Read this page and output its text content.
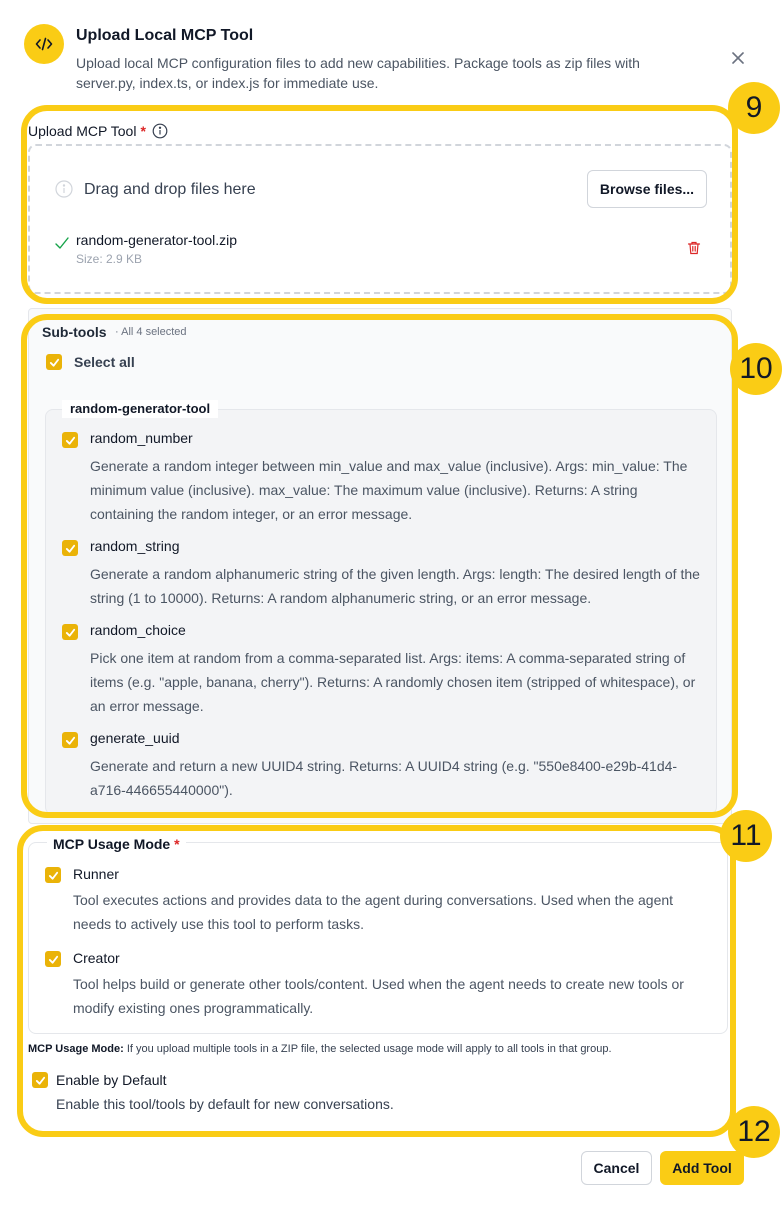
Upload Local MCP Tool
Upload local MCP configuration files to add new capabilities. Package tools as zip files with server.py, index.ts, or index.js for immediate use.
Upload MCP Tool *
Drag and drop files here	Browse files...
random-generator-tool.zip
Size: 2.9 KB
Sub-tools · All 4 selected
Select all
random-generator-tool
random_number
Generate a random integer between min_value and max_value (inclusive). Args: min_value: The minimum value (inclusive). max_value: The maximum value (inclusive). Returns: A string containing the random integer, or an error message.
random_string
Generate a random alphanumeric string of the given length. Args: length: The desired length of the string (1 to 10000). Returns: A random alphanumeric string, or an error message.
random_choice
Pick one item at random from a comma-separated list. Args: items: A comma-separated string of items (e.g. "apple, banana, cherry"). Returns: A randomly chosen item (stripped of whitespace), or an error message.
generate_uuid
Generate and return a new UUID4 string. Returns: A UUID4 string (e.g. "550e8400-e29b-41d4-a716-446655440000").
MCP Usage Mode *
Runner
Tool executes actions and provides data to the agent during conversations. Used when the agent needs to actively use this tool to perform tasks.
Creator
Tool helps build or generate other tools/content. Used when the agent needs to create new tools or modify existing ones programmatically.
MCP Usage Mode: If you upload multiple tools in a ZIP file, the selected usage mode will apply to all tools in that group.
Enable by Default
Enable this tool/tools by default for new conversations.
Cancel	Add Tool
9
10
11
12
